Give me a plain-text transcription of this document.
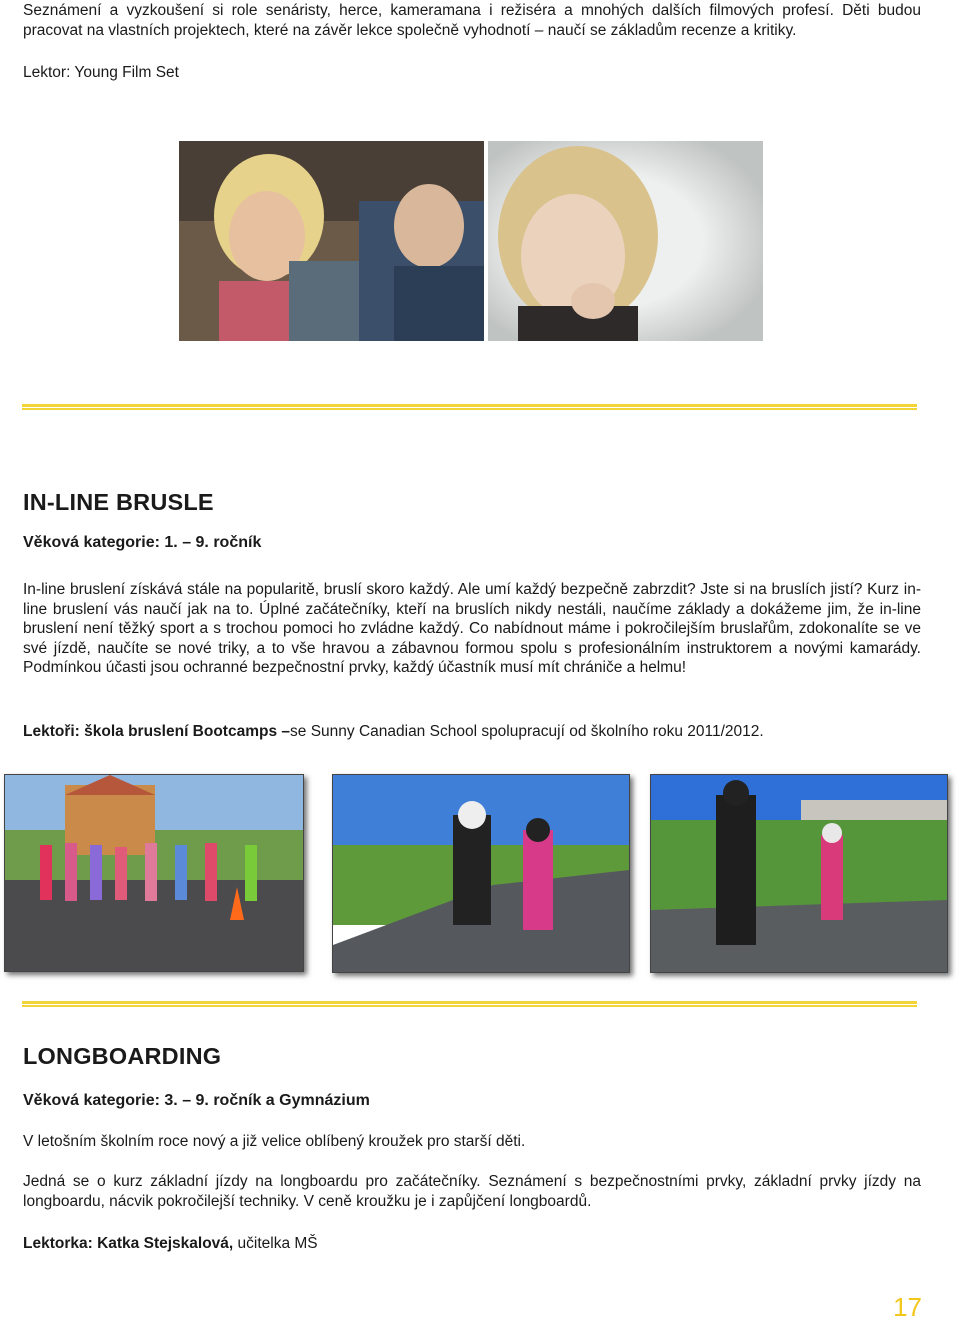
Seznámení a vyzkoušení si role senáristy, herce, kameramana i režiséra a mnohých dalších filmových profesí. Děti budou pracovat na vlastních projektech, které na závěr lekce společně vyhodnotí – naučí se základům recenze a kritiky.

Lektor: Young Film Set

IN-LINE BRUSLE
Věková kategorie: 1. – 9. ročník

In-line bruslení získává stále na popularitě, bruslí skoro každý. Ale umí každý bezpečně zabrzdit? Jste si na bruslích jistí? Kurz in-line bruslení vás naučí jak na to. Úplné začátečníky, kteří na bruslích nikdy nestáli, naučíme základy a dokážeme jim, že in-line bruslení není těžký sport a s trochou pomoci ho zvládne každý. Co nabídnout máme i pokročilejším bruslařům, zdokonalíte se ve své jízdě, naučíte se nové triky, a to vše hravou a zábavnou formou spolu s profesionálním instruktorem a novými kamarády. Podmínkou účasti jsou ochranné bezpečnostní prvky, každý účastník musí mít chrániče a helmu!

Lektoři: škola bruslení Bootcamps –se Sunny Canadian School spolupracují od školního roku 2011/2012.

LONGBOARDING
Věková kategorie: 3. – 9. ročník a Gymnázium

V letošním školním roce nový a již velice oblíbený kroužek pro starší děti.

Jedná se o kurz základní jízdy na longboardu pro začátečníky. Seznámení s bezpečnostními prvky, základní prvky jízdy na longboardu, nácvik pokročilejší techniky. V ceně kroužku je i zapůjčení longboardů.

Lektorka: Katka Stejskalová, učitelka MŠ

17
